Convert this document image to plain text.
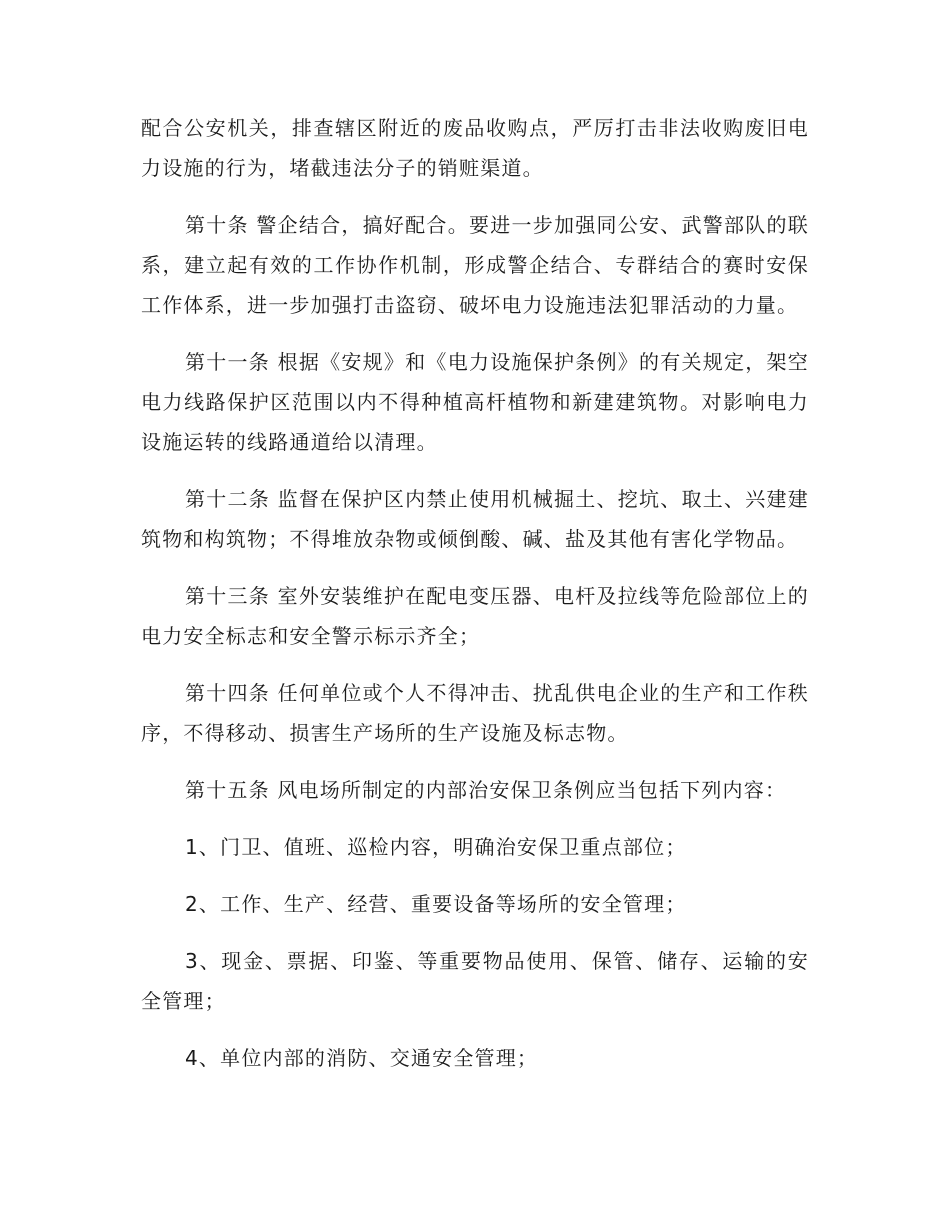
配合公安机关，排查辖区附近的废品收购点，严厉打击非法收购废旧电力设施的行为，堵截违法分子的销赃渠道。

第十条 警企结合，搞好配合。要进一步加强同公安、武警部队的联系，建立起有效的工作协作机制，形成警企结合、专群结合的赛时安保工作体系，进一步加强打击盗窃、破坏电力设施违法犯罪活动的力量。

第十一条 根据《安规》和《电力设施保护条例》的有关规定，架空电力线路保护区范围以内不得种植高杆植物和新建建筑物。对影响电力设施运转的线路通道给以清理。

第十二条 监督在保护区内禁止使用机械掘土、挖坑、取土、兴建建筑物和构筑物；不得堆放杂物或倾倒酸、碱、盐及其他有害化学物品。

第十三条 室外安装维护在配电变压器、电杆及拉线等危险部位上的电力安全标志和安全警示标示齐全；

第十四条 任何单位或个人不得冲击、扰乱供电企业的生产和工作秩序，不得移动、损害生产场所的生产设施及标志物。

第十五条 风电场所制定的内部治安保卫条例应当包括下列内容：

1、门卫、值班、巡检内容，明确治安保卫重点部位；

2、工作、生产、经营、重要设备等场所的安全管理；

3、现金、票据、印鉴、等重要物品使用、保管、储存、运输的安全管理；

4、单位内部的消防、交通安全管理；
